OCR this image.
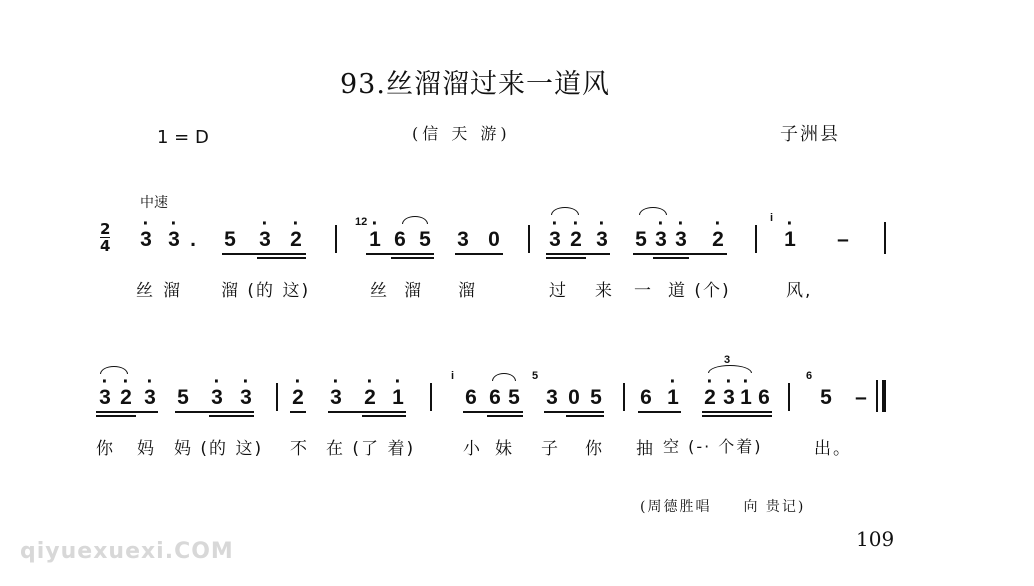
93.丝溜溜过来一道风
1 = D	(信 天 游)	子洲县
中速
2
4 · 3 · 3 . 5 · 3 · 2
12
· 1 6 5 3 0 · 3 · 2 · 3 5 · 3 · 3 · 2
i
· 1 –
丝 溜 溜 (的 这)	丝 溜 溜	过 来 一 道 (个)	风,
· 3 · 2 · 3 5 · 3 · 3 · 2 · 3 · 2 · 1
i
6 6 5
5
3 0 5 6 · 1 · 2 · 3 · 1 6
3
6
5 –
你 妈 妈 (的 这) 不 在 (了 着)	小 妹 子 你 抽 空 (-· 个着)	出。
(周德胜唱　　向 贵记)
109
qiyuexuexi.COM
